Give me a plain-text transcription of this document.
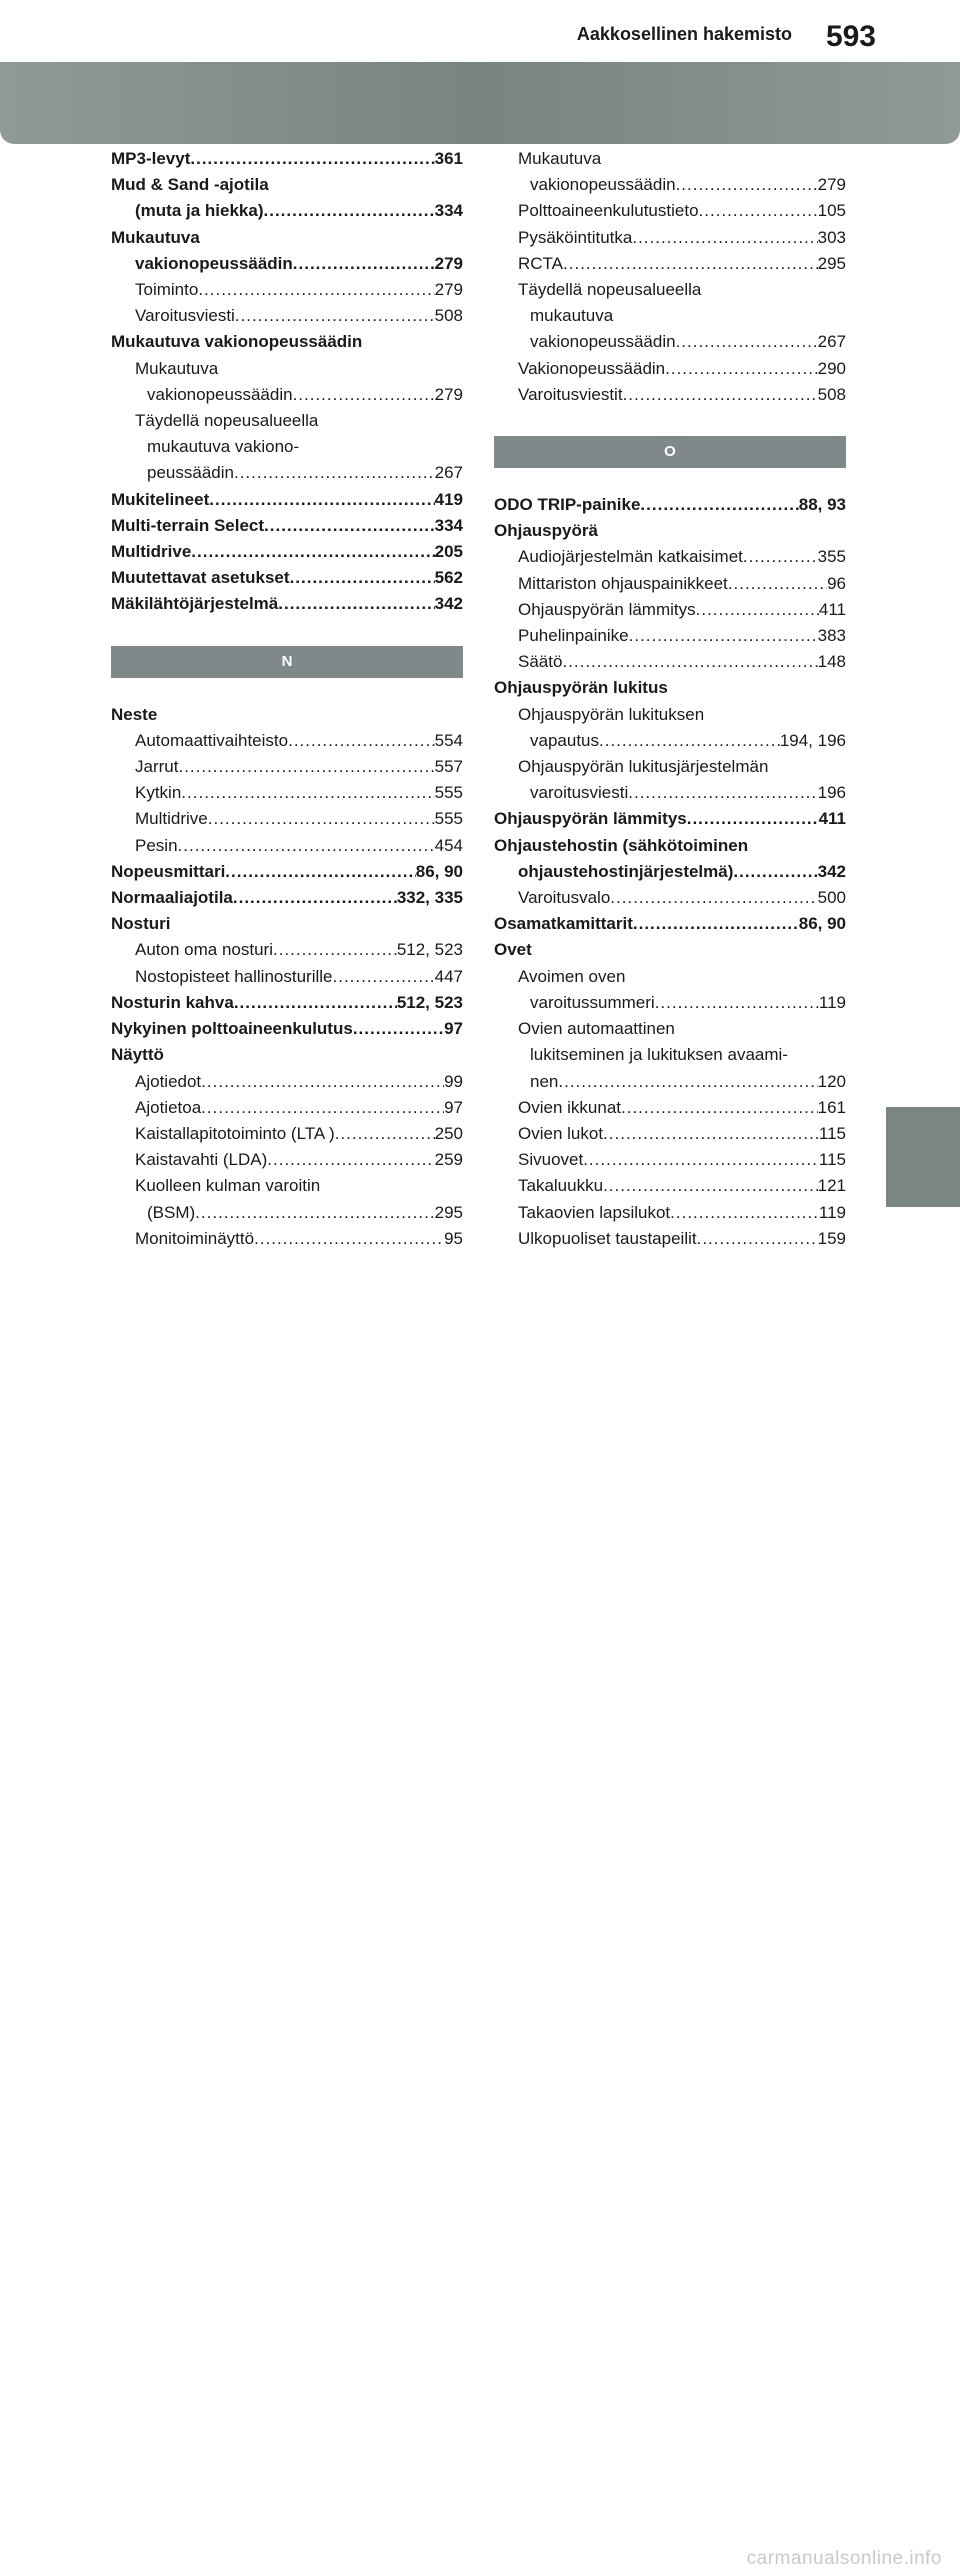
Aakkosellinen hakemisto 593
MP3-levyt .....	361
Mud & Sand -ajotila
(muta ja hiekka) .....	334
Mukautuva
vakionopeussäädin .....	279
Toiminto .....	279
Varoitusviesti .....	508
Mukautuva vakionopeussäädin
Mukautuva
vakionopeussäädin .....	279
Täydellä nopeusalueella
mukautuva vakiono-
peussäädin .....	267
Mukitelineet .....	419
Multi-terrain Select .....	334
Multidrive .....	205
Muutettavat asetukset .....	562
Mäkilähtöjärjestelmä .....	342
N
Neste
Automaattivaihteisto .....	554
Jarrut .....	557
Kytkin .....	555
Multidrive .....	555
Pesin .....	454
Nopeusmittari .....	86, 90
Normaaliajotila .....	332, 335
Nosturi
Auton oma nosturi .....	512, 523
Nostopisteet hallinosturille .....	447
Nosturin kahva .....	512, 523
Nykyinen polttoaineenkulutus .....	97
Näyttö
Ajotiedot .....	99
Ajotietoa .....	97
Kaistallapitotoiminto (LTA ) .....	250
Kaistavahti (LDA) .....	259
Kuolleen kulman varoitin
(BSM) .....	295
Monitoiminäyttö .....	95
Mukautuva
vakionopeussäädin .....	279
Polttoaineenkulutustieto .....	105
Pysäköintitutka .....	303
RCTA .....	295
Täydellä nopeusalueella
mukautuva
vakionopeussäädin .....	267
Vakionopeussäädin .....	290
Varoitusviestit .....	508
O
ODO TRIP-painike .....	88, 93
Ohjauspyörä
Audiojärjestelmän katkaisimet .....	355
Mittariston ohjauspainikkeet .....	96
Ohjauspyörän lämmitys .....	411
Puhelinpainike .....	383
Säätö .....	148
Ohjauspyörän lukitus
Ohjauspyörän lukituksen
vapautus .....	194, 196
Ohjauspyörän lukitusjärjestelmän
varoitusviesti .....	196
Ohjauspyörän lämmitys .....	411
Ohjaustehostin (sähkötoiminen
ohjaustehostinjärjestelmä) .....	342
Varoitusvalo .....	500
Osamatkamittarit .....	86, 90
Ovet
Avoimen oven
varoitussummeri .....	119
Ovien automaattinen
lukitseminen ja lukituksen avaami-
nen .....	120
Ovien ikkunat .....	161
Ovien lukot .....	115
Sivuovet .....	115
Takaluukku .....	121
Takaovien lapsilukot .....	119
Ulkopuoliset taustapeilit .....	159
carmanualsonline.info
